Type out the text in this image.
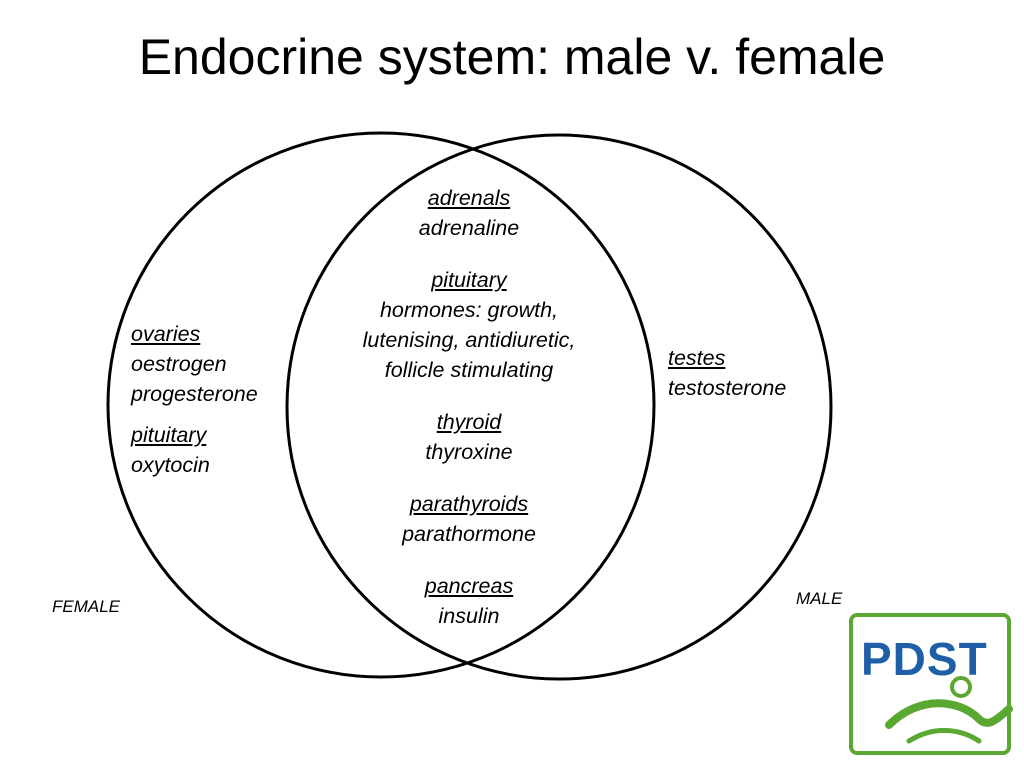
Endocrine system: male v. female
ovaries
oestrogen
progesterone
pituitary
oxytocin
adrenals
adrenaline
pituitary
hormones: growth,
lutenising, antidiuretic,
follicle stimulating
thyroid
thyroxine
parathyroids
parathormone
pancreas
insulin
testes
testosterone
FEMALE	MALE
PDST
